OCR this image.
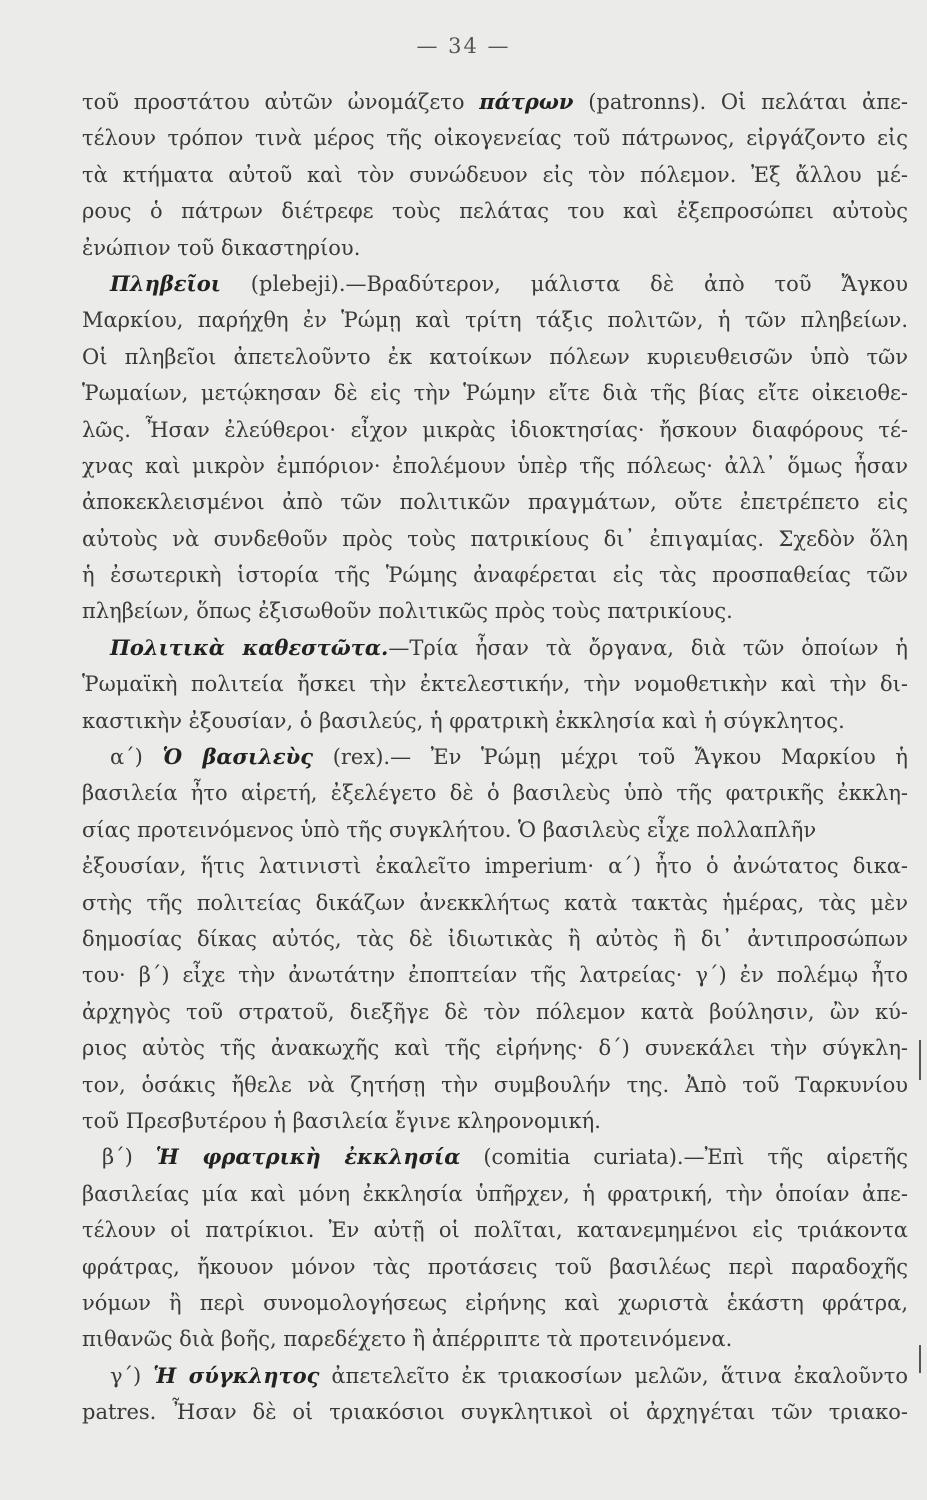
— 34 —
τοῦ προστάτου αὐτῶν ὠνομάζετο πάτρων (patronns). Οἱ πελάται ἀπε-
τέλουν τρόπον τινὰ μέρος τῆς οἰκογενείας τοῦ πάτρωνος, εἰργάζοντο εἰς
τὰ κτήματα αὐτοῦ καὶ τὸν συνώδευον εἰς τὸν πόλεμον. Ἐξ ἄλλου μέ-
ρους ὁ πάτρων διέτρεφε τοὺς πελάτας του καὶ ἐξεπροσώπει αὐτοὺς
ἐνώπιον τοῦ δικαστηρίου.
Πληβεῖοι (plebeji).—Βραδύτερον, μάλιστα δὲ ἀπὸ τοῦ Ἄγκου
Μαρκίου, παρήχθη ἐν Ῥώμῃ καὶ τρίτη τάξις πολιτῶν, ἡ τῶν πληβείων.
Οἱ πληβεῖοι ἀπετελοῦντο ἐκ κατοίκων πόλεων κυριευθεισῶν ὑπὸ τῶν
Ῥωμαίων, μετῴκησαν δὲ εἰς τὴν Ῥώμην εἴτε διὰ τῆς βίας εἴτε οἰκειοθε-
λῶς. Ἦσαν ἐλεύθεροι· εἶχον μικρὰς ἰδιοκτησίας· ἤσκουν διαφόρους τέ-
χνας καὶ μικρὸν ἐμπόριον· ἐπολέμουν ὑπὲρ τῆς πόλεως· ἀλλ᾽ ὅμως ἦσαν
ἀποκεκλεισμένοι ἀπὸ τῶν πολιτικῶν πραγμάτων, οὔτε ἐπετρέπετο εἰς
αὐτοὺς νὰ συνδεθοῦν πρὸς τοὺς πατρικίους δι᾽ ἐπιγαμίας. Σχεδὸν ὅλη
ἡ ἐσωτερικὴ ἱστορία τῆς Ῥώμης ἀναφέρεται εἰς τὰς προσπαθείας τῶν
πληβείων, ὅπως ἐξισωθοῦν πολιτικῶς πρὸς τοὺς πατρικίους.
Πολιτικὰ καθεστῶτα.—Τρία ἦσαν τὰ ὄργανα, διὰ τῶν ὁποίων ἡ
Ῥωμαϊκὴ πολιτεία ἤσκει τὴν ἐκτελεστικήν, τὴν νομοθετικὴν καὶ τὴν δι-
καστικὴν ἐξουσίαν, ὁ βασιλεύς, ἡ φρατρικὴ ἐκκλησία καὶ ἡ σύγκλητος.
α΄) Ὁ βασιλεὺς (rex).— Ἐν Ῥώμῃ μέχρι τοῦ Ἄγκου Μαρκίου ἡ
βασιλεία ἦτο αἱρετή, ἐξελέγετο δὲ ὁ βασιλεὺς ὑπὸ τῆς φατρικῆς ἐκκλη-
σίας προτεινόμενος ὑπὸ τῆς συγκλήτου. Ὁ βασιλεὺς εἶχε πολλαπλῆν
ἐξουσίαν, ἥτις λατινιστὶ ἐκαλεῖτο imperium· α΄) ἦτο ὁ ἀνώτατος δικα-
στὴς τῆς πολιτείας δικάζων ἀνεκκλήτως κατὰ τακτὰς ἡμέρας, τὰς μὲν
δημοσίας δίκας αὐτός, τὰς δὲ ἰδιωτικὰς ἢ αὐτὸς ἢ δι᾽ ἀντιπροσώπων
του· β΄) εἶχε τὴν ἀνωτάτην ἐποπτείαν τῆς λατρείας· γ΄) ἐν πολέμῳ ἦτο
ἀρχηγὸς τοῦ στρατοῦ, διεξῆγε δὲ τὸν πόλεμον κατὰ βούλησιν, ὢν κύ-
ριος αὐτὸς τῆς ἀνακωχῆς καὶ τῆς εἰρήνης· δ΄) συνεκάλει τὴν σύγκλη-
τον, ὁσάκις ἤθελε νὰ ζητήσῃ τὴν συμβουλήν της. Ἀπὸ τοῦ Ταρκυνίου
τοῦ Πρεσβυτέρου ἡ βασιλεία ἔγινε κληρονομική.
β΄) Ἡ φρατρικὴ ἐκκλησία (comitia curiata).—Ἐπὶ τῆς αἱρετῆς
βασιλείας μία καὶ μόνη ἐκκλησία ὑπῆρχεν, ἡ φρατρική, τὴν ὁποίαν ἀπε-
τέλουν οἱ πατρίκιοι. Ἐν αὐτῇ οἱ πολῖται, κατανεμημένοι εἰς τριάκοντα
φράτρας, ἤκουον μόνον τὰς προτάσεις τοῦ βασιλέως περὶ παραδοχῆς
νόμων ἢ περὶ συνομολογήσεως εἰρήνης καὶ χωριστὰ ἑκάστη φράτρα,
πιθανῶς διὰ βοῆς, παρεδέχετο ἢ ἀπέρριπτε τὰ προτεινόμενα.
γ΄) Ἡ σύγκλητος ἀπετελεῖτο ἐκ τριακοσίων μελῶν, ἅτινα ἐκαλοῦντο
patres. Ἦσαν δὲ οἱ τριακόσιοι συγκλητικοὶ οἱ ἀρχηγέται τῶν τριακο-
